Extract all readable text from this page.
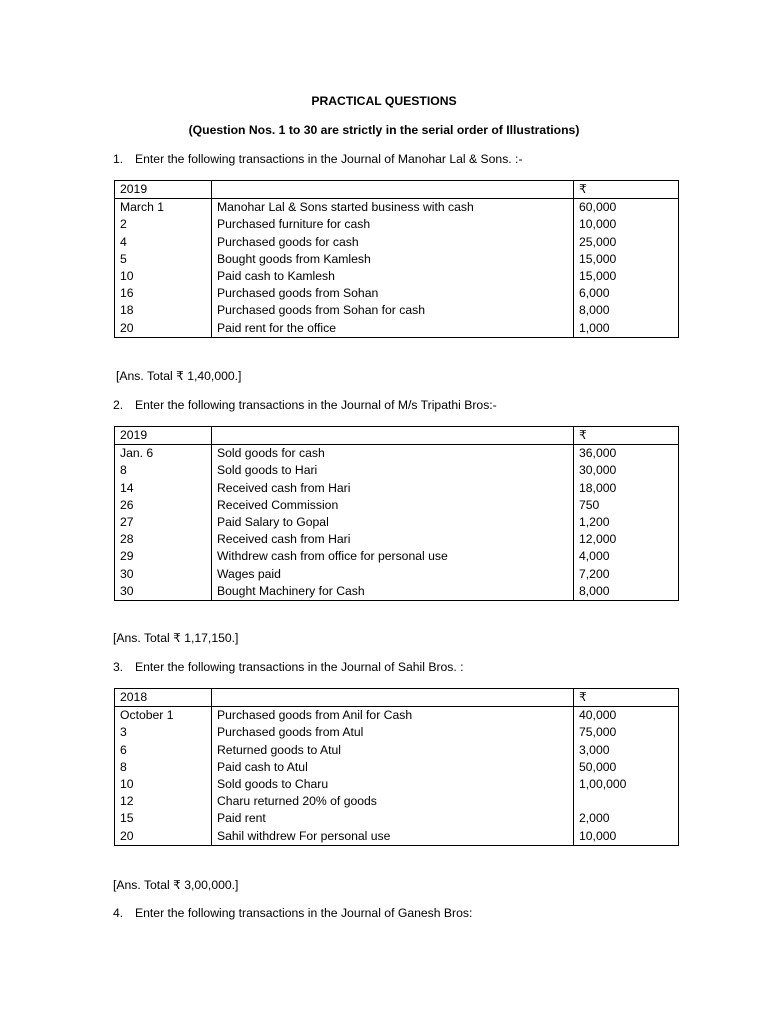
PRACTICAL QUESTIONS
(Question Nos. 1 to 30 are strictly in the serial order of Illustrations)
1. Enter the following transactions in the Journal of Manohar Lal & Sons. :-
2019		₹
March 1	Manohar Lal & Sons started business with cash	60,000
2	Purchased furniture for cash	10,000
4	Purchased goods for cash	25,000
5	Bought goods from Kamlesh	15,000
10	Paid cash to Kamlesh	15,000
16	Purchased goods from Sohan	6,000
18	Purchased goods from Sohan for cash	8,000
20	Paid rent for the office	1,000
[Ans. Total ₹ 1,40,000.]
2. Enter the following transactions in the Journal of M/s Tripathi Bros:-
2019		₹
Jan. 6	Sold goods for cash	36,000
8	Sold goods to Hari	30,000
14	Received cash from Hari	18,000
26	Received Commission	750
27	Paid Salary to Gopal	1,200
28	Received cash from Hari	12,000
29	Withdrew cash from office for personal use	4,000
30	Wages paid	7,200
30	Bought Machinery for Cash	8,000
[Ans. Total ₹ 1,17,150.]
3. Enter the following transactions in the Journal of Sahil Bros. :
2018		₹
October 1	Purchased goods from Anil for Cash	40,000
3	Purchased goods from Atul	75,000
6	Returned goods to Atul	3,000
8	Paid cash to Atul	50,000
10	Sold goods to Charu	1,00,000
12	Charu returned 20% of goods	
15	Paid rent	2,000
20	Sahil withdrew For personal use	10,000
[Ans. Total ₹ 3,00,000.]
4. Enter the following transactions in the Journal of Ganesh Bros:
